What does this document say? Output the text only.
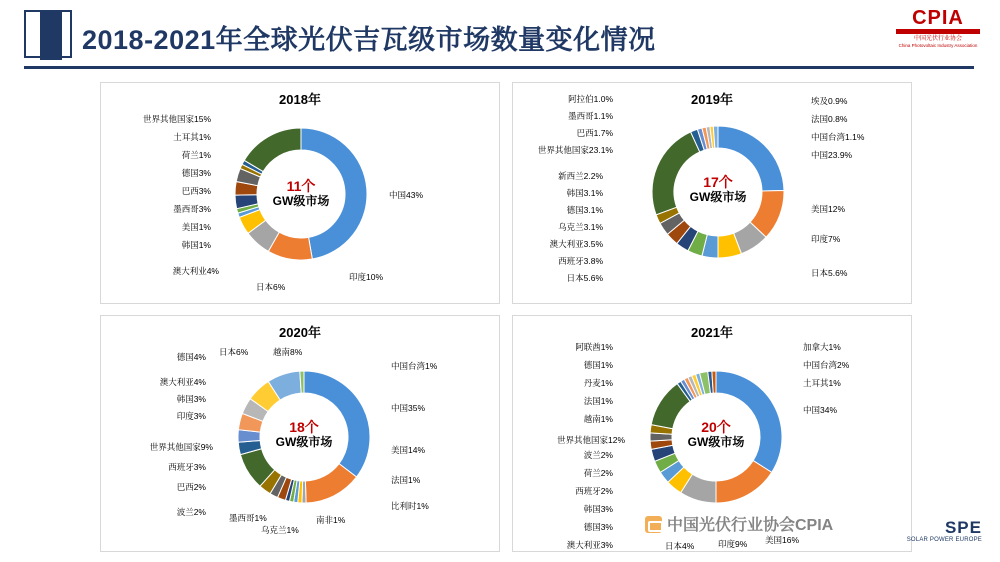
2018-2021年全球光伏吉瓦级市场数量变化情况
CPIA
中国光伏行业协会
China Photovoltaic Industry Association
2018年
11个
GW级市场
世界其他国家15%
土耳其1%
荷兰1%
德国3%
巴西3%
墨西哥3%
美国1%
韩国1%
澳大利业4%
中国43%
印度10%
日本6%
2019年
17个
GW级市场
阿拉伯1.0%
墨西哥1.1%
巴西1.7%
世界其他国家23.1%
新西兰2.2%
韩国3.1%
德国3.1%
乌克兰3.1%
澳大利亚3.5%
西班牙3.8%
日本5.6%
埃及0.9%
法国0.8%
中国台湾1.1%
中国23.9%
美国12%
印度7%
日本5.6%
2020年
18个
GW级市场
日本6%	越南8%
德国4%
澳大利亚4%
韩国3%
印度3%
世界其他国家9%
西班牙3%
巴西2%
波兰2%
墨西哥1%
乌克兰1%
南非1%
中国台湾1%
中国35%
美国14%
法国1%
比利时1%
2021年
20个
GW级市场
阿联酋1%
德国1%
丹麦1%
法国1%
越南1%
世界其他国家12%
波兰2%
荷兰2%
西班牙2%
韩国3%
德国3%
澳大利亚3%	日本4%	印度9% 美国16%
加拿大1%
中国台湾2%
土耳其1%
中国34%
中国光伏行业协会CPIA	SPE
SOLAR POWER EUROPE
